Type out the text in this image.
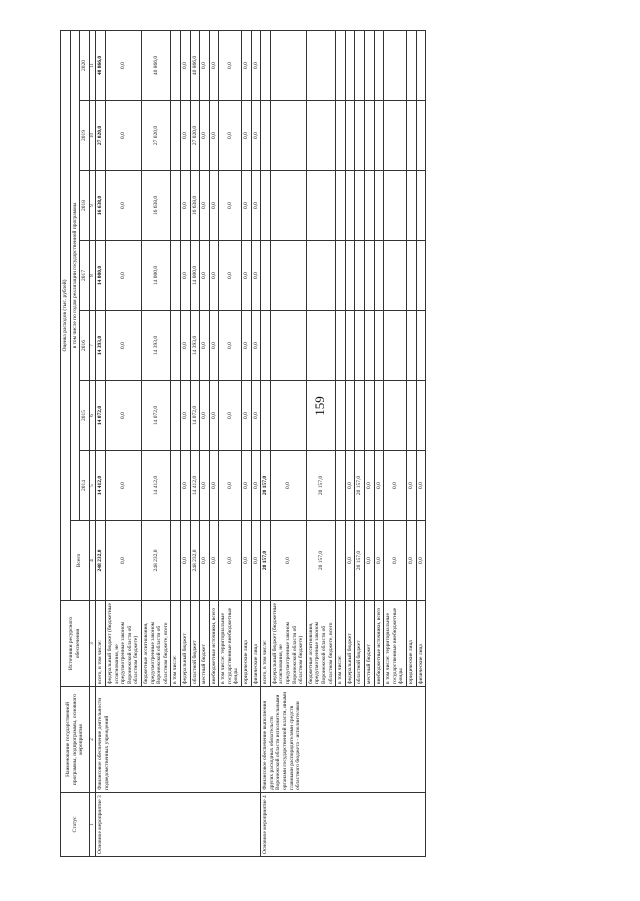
159
Статус	Наименование государственной программы, подпрограммы, основного мероприятия	Источники ресурсного обеспечения	Оценка расходов (тыс. рублей)							
			Всего	в том числе по годам реализации государственной программы						
				2014	2015	2016	2017	2018	2019	2020
1	2	3	4	5	6	7	8	9	10	11
Основное мероприятие 3	Финансовое обеспечение деятельности подведомственных учреждений	всего, в том числе:	248 232,0	14 412,0	14 072,0	14 393,0	14 000,0	16 638,0	27 020,0	40 866,0
		федеральный бюджет (бюджетные ассигнования, не предусмотренные законом Воронежской области об областном бюджете)	0,0	0,0	0,0	0,0	0,0	0,0	0,0	0,0
		бюджетные ассигнования, предусмотренные законом Воронежской области об областном бюджете, всего	248 232,0	14 412,0	14 072,0	14 393,0	14 000,0	16 638,0	27 020,0	40 866,0
		в том числе:								
		федеральный бюджет	0,0	0,0	0,0	0,0	0,0	0,0	0,0	0,0
		областной бюджет	248 232,0	14 412,0	14 072,0	14 393,0	14 000,0	16 638,0	27 020,0	40 866,0
		местный бюджет	0,0	0,0	0,0	0,0	0,0	0,0	0,0	0,0
		внебюджетные источники, всего	0,0	0,0	0,0	0,0	0,0	0,0	0,0	0,0
		в том числе: территориальные государственные внебюджетные фонды	0,0	0,0	0,0	0,0	0,0	0,0	0,0	0,0
		юридические лица	0,0	0,0	0,0	0,0	0,0	0,0	0,0	0,0
		физические лица	0,0	0,0	0,0	0,0	0,0	0,0	0,0	0,0
Основное мероприятие 4	Финансовое обеспечение выполнения других расходных обязательств Воронежской области исполнительными органами государственной власти, иными главными распорядителями средств областного бюджета - исполнителями	всего, в том числе:	20 157,0	20 157,0						
		федеральный бюджет (бюджетные ассигнования, не предусмотренные законом Воронежской области об областном бюджете)	0,0	0,0						
		бюджетные ассигнования, предусмотренные законом Воронежской области об областном бюджете, всего	20 157,0	20 157,0						
		в том числе:								
		федеральный бюджет	0,0	0,0						
		областной бюджет	20 157,0	20 157,0						
		местный бюджет	0,0	0,0						
		внебюджетные источники, всего	0,0	0,0						
		в том числе: территориальные государственные внебюджетные фонды	0,0	0,0						
		юридические лица	0,0	0,0						
		физические лица	0,0	0,0						
